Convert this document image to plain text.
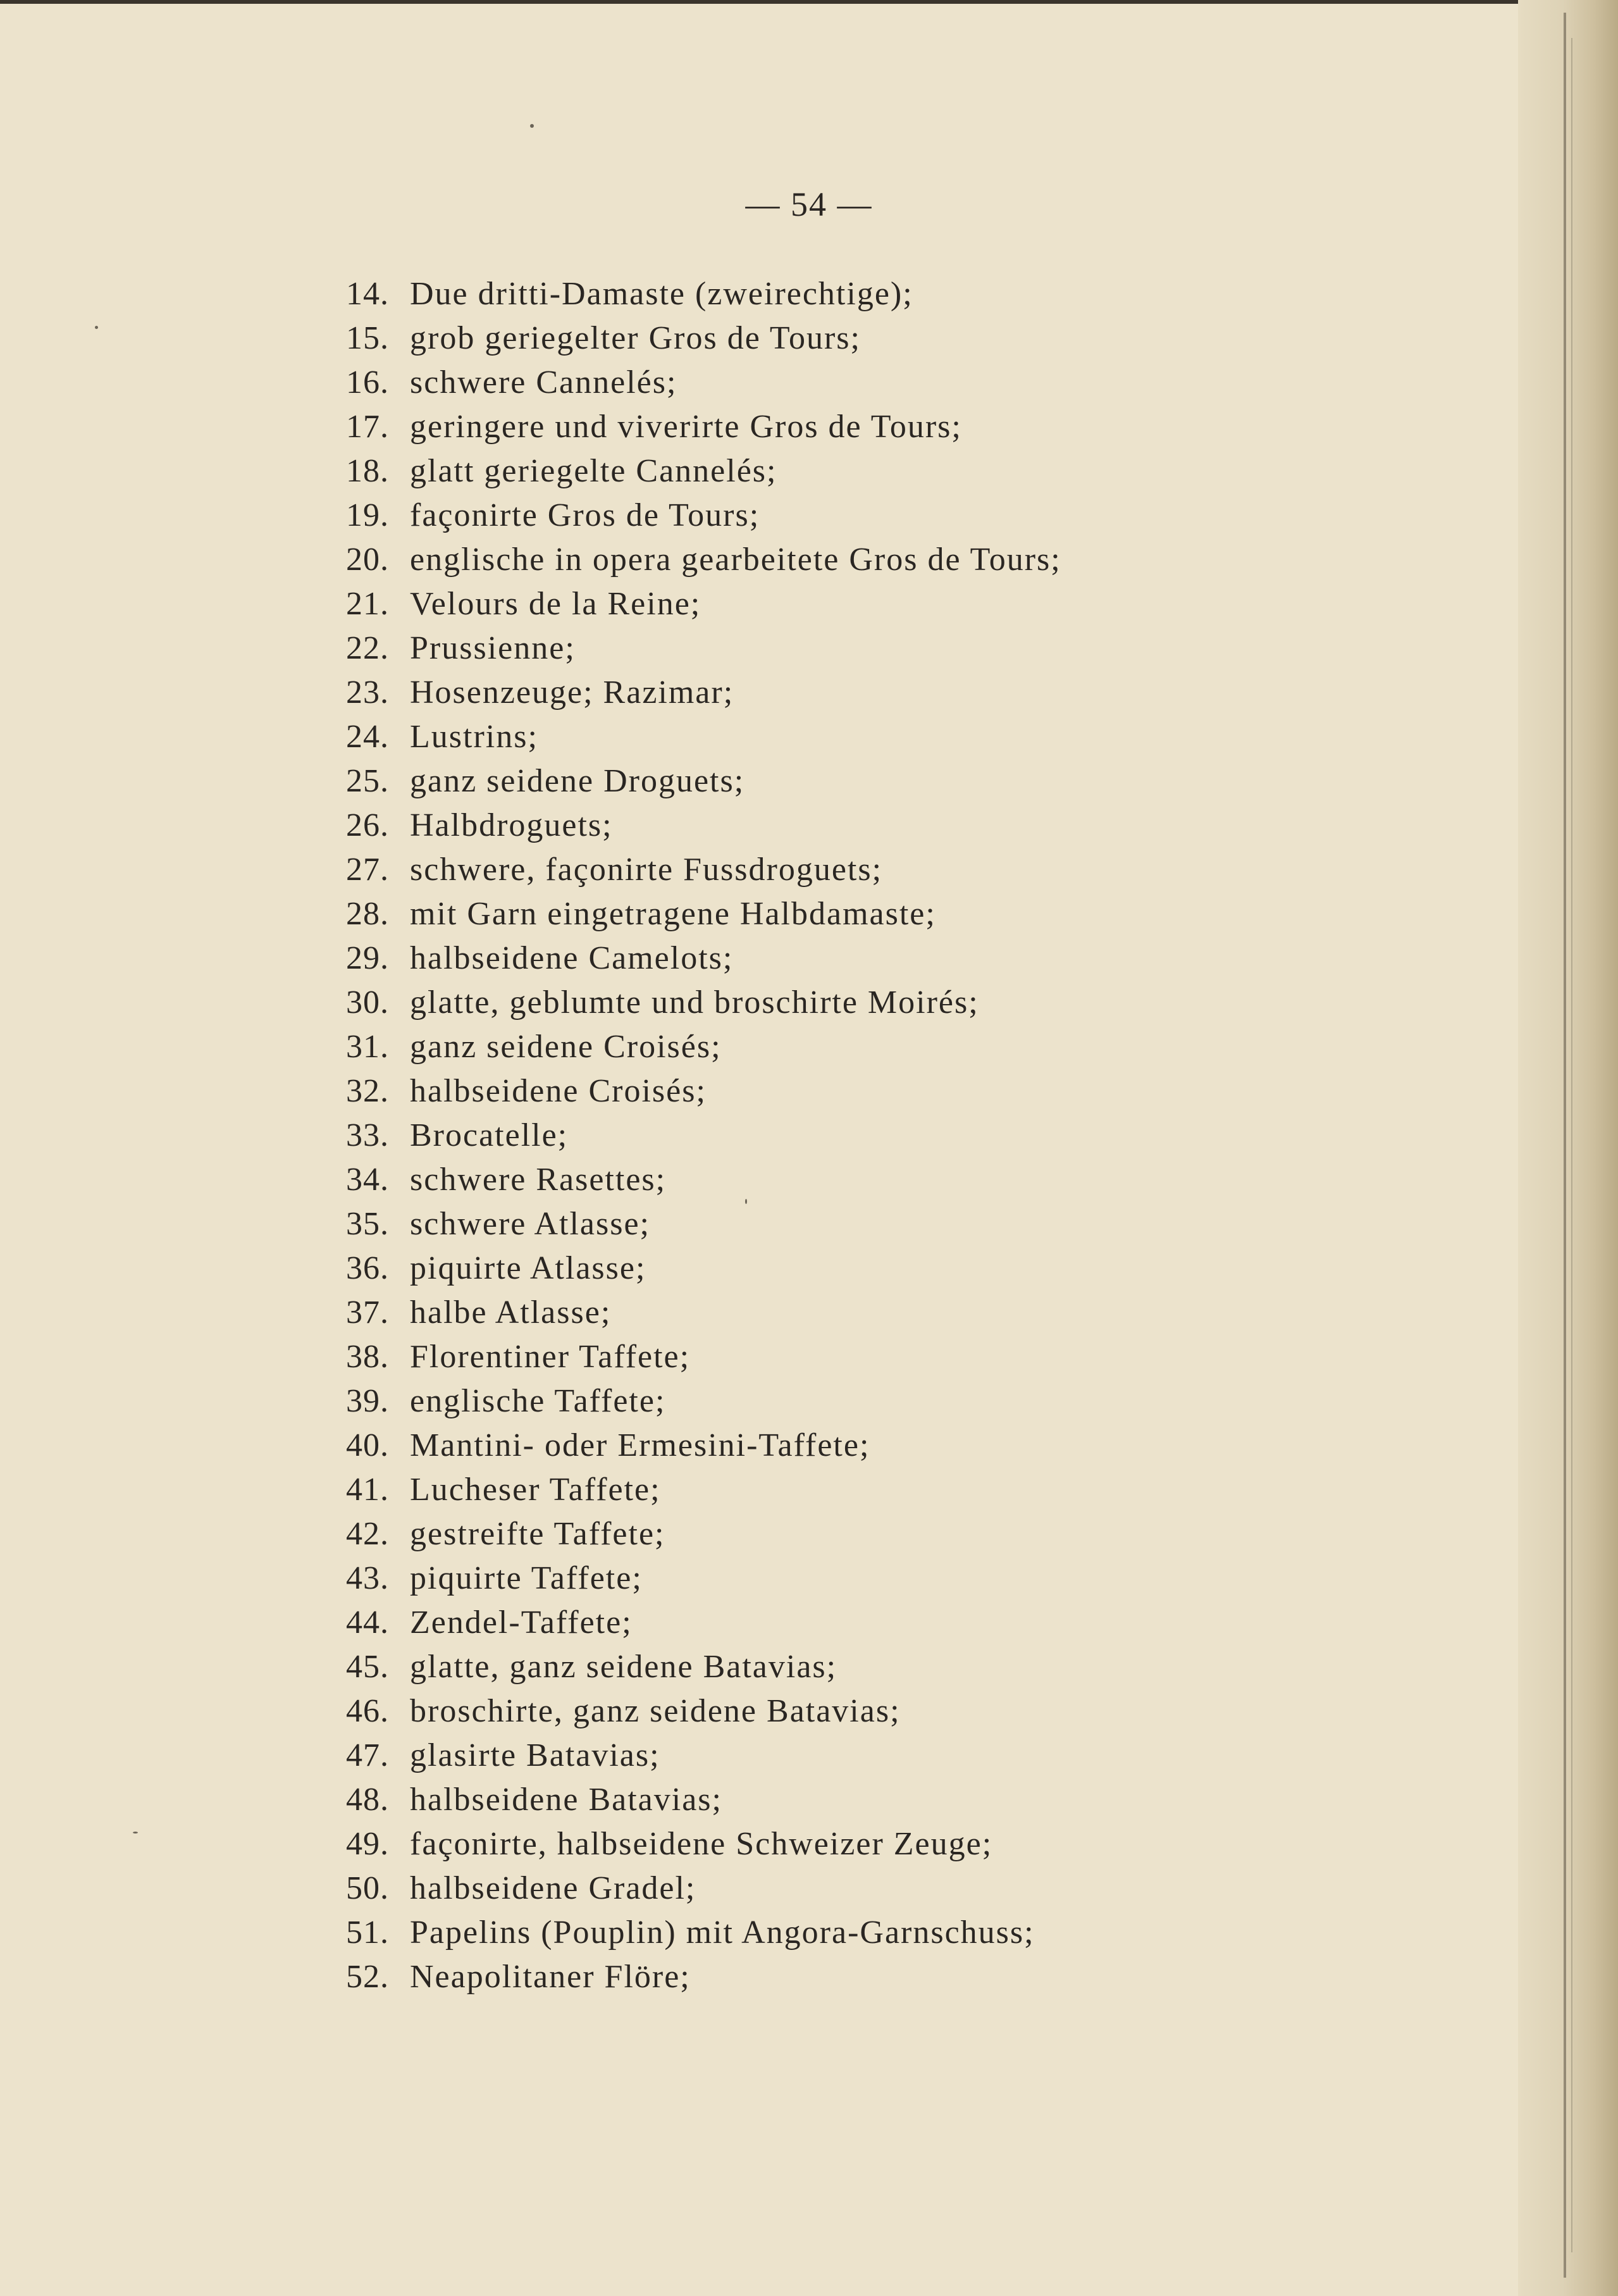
— 54 —
14. Due dritti-Damaste (zweirechtige);
15. grob geriegelter Gros de Tours;
16. schwere Cannelés;
17. geringere und viverirte Gros de Tours;
18. glatt geriegelte Cannelés;
19. façonirte Gros de Tours;
20. englische in opera gearbeitete Gros de Tours;
21. Velours de la Reine;
22. Prussienne;
23. Hosenzeuge; Razimar;
24. Lustrins;
25. ganz seidene Droguets;
26. Halbdroguets;
27. schwere, façonirte Fussdroguets;
28. mit Garn eingetragene Halbdamaste;
29. halbseidene Camelots;
30. glatte, geblumte und broschirte Moirés;
31. ganz seidene Croisés;
32. halbseidene Croisés;
33. Brocatelle;
34. schwere Rasettes;
35. schwere Atlasse;
36. piquirte Atlasse;
37. halbe Atlasse;
38. Florentiner Taffete;
39. englische Taffete;
40. Mantini- oder Ermesini-Taffete;
41. Lucheser Taffete;
42. gestreifte Taffete;
43. piquirte Taffete;
44. Zendel-Taffete;
45. glatte, ganz seidene Batavias;
46. broschirte, ganz seidene Batavias;
47. glasirte Batavias;
48. halbseidene Batavias;
49. façonirte, halbseidene Schweizer Zeuge;
50. halbseidene Gradel;
51. Papelins (Pouplin) mit Angora-Garnschuss;
52. Neapolitaner Flöre;
